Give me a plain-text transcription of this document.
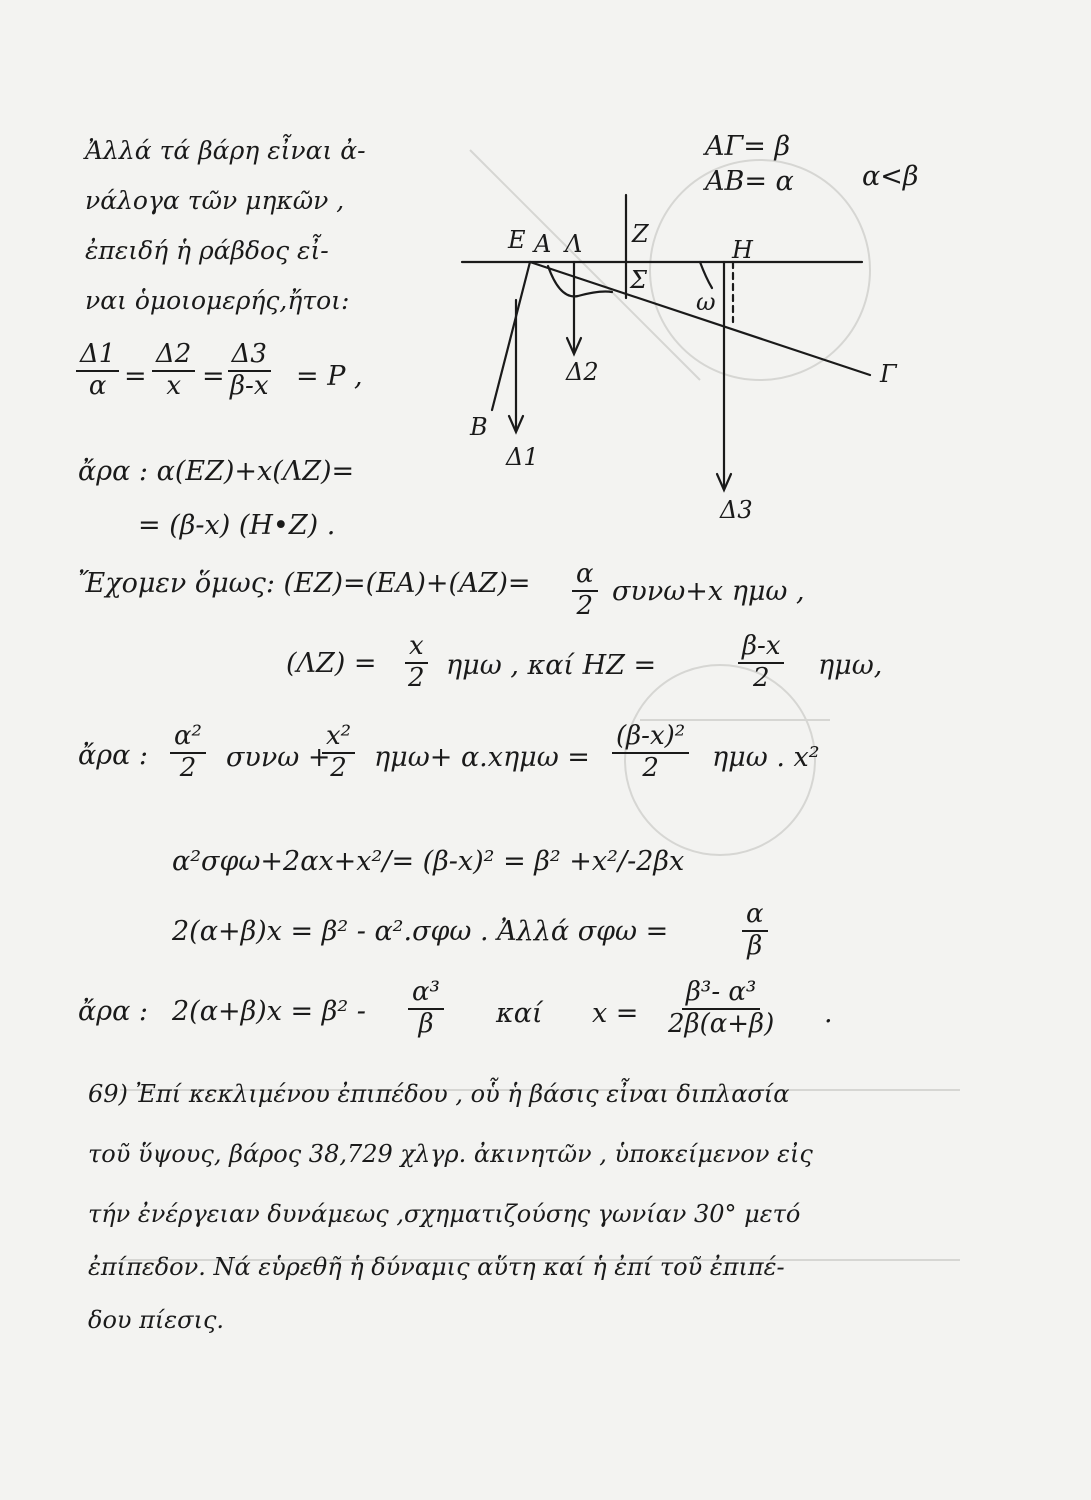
Ἀλλά τά βάρη εἶναι ἀ-
νάλογα τῶν μηκῶν ,
ἐπειδή ἡ ράβδος εἶ-
ναι ὁμοιομερής,ἤτοι:
$\frac{\Delta 1}{\alpha} = \frac{\Delta 2}{x} = \frac{\Delta 3}{\beta-x} = P$ ,
ΑΓ= β
ΑΒ= α	α<β
Ε Α Λ Ζ
Η
Σ
ω
Γ
Β
Δ1
Δ2
Δ3
ἄρα : α(ΕΖ)+x(ΛΖ)=
= (β-x) (Η•Ζ) .
Ἔχομεν ὅμως: $(EZ)=(EA)+(AZ)= \frac{\alpha}{2} \sigma\upsilon\nu\omega+x$ ημω ,
$(\Lambda Z) = \frac{x}{2}$ ημω , καί ΗΖ =	$\frac{\beta-x}{2} \eta\mu\omega$,
ἄρα : $\frac{\text{α²}}{2}$ συνω +
$\frac{\text{x²}}{2} \eta\mu\omega+ \alpha.x\eta\mu\omega = \frac{\text{(β-x)²}}{2}$ ημω . x²
α²σφω+2αx+x²/= (β-x)² = β² +x²/-2βx
2(α+β)x = β² - α².σφω . Ἀλλά σφω =	$\frac{\alpha}{\beta}$
ἄρα : $2(\alpha+\beta)x = \beta^2 - \frac{\text{α³}}{\beta}$ καί $x = \frac{\text{β³- α³}}{2\beta(\alpha+\beta)}$ .
69) Ἐπί κεκλιμένου ἐπιπέδου , οὗ ἡ βάσις εἶναι διπλασία
τοῦ ὕψους, βάρος 38,729 χλγρ. ἀκινητῶν , ὑποκείμενον εἰς
τήν ἐνέργειαν δυνάμεως ,σχηματιζούσης γωνίαν 30° μετό
ἐπίπεδον. Νά εὑρεθῆ ἡ δύναμις αὕτη καί ἡ ἐπί τοῦ ἐπιπέ-
δου πίεσις.
